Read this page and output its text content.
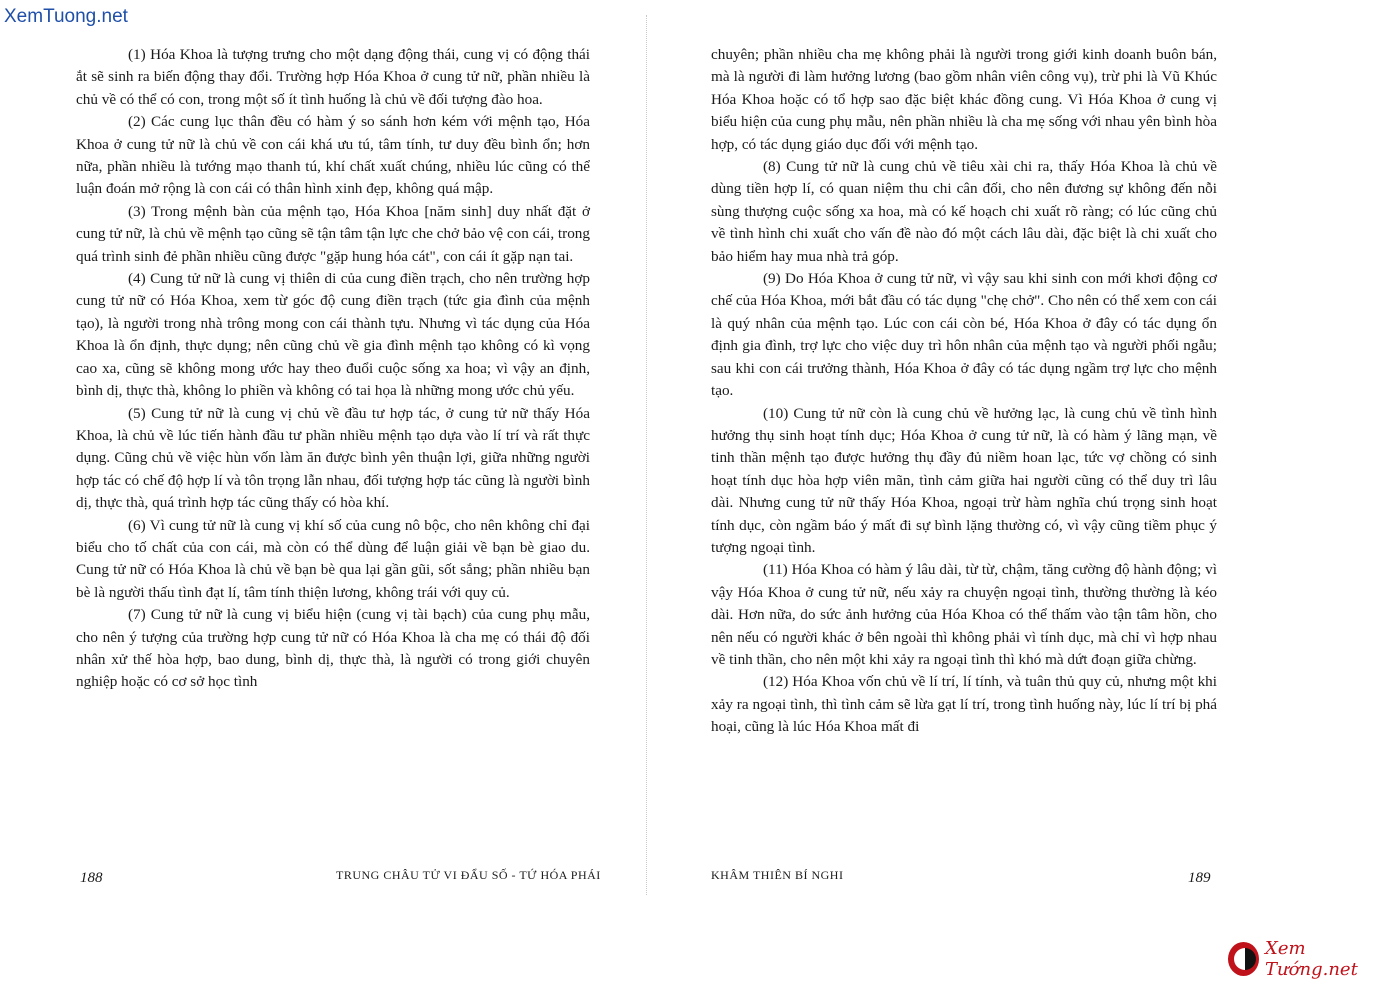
XemTuong.net

(1) Hóa Khoa là tượng trưng cho một dạng động thái, cung vị có động thái ắt sẽ sinh ra biến động thay đổi. Trường hợp Hóa Khoa ở cung tử nữ, phần nhiều là chủ về có thể có con, trong một số ít tình huống là chủ về đối tượng đào hoa.

(2) Các cung lục thân đều có hàm ý so sánh hơn kém với mệnh tạo, Hóa Khoa ở cung tử nữ là chủ về con cái khá ưu tú, tâm tính, tư duy đều bình ổn; hơn nữa, phần nhiều là tướng mạo thanh tú, khí chất xuất chúng, nhiều lúc cũng có thể luận đoán mở rộng là con cái có thân hình xinh đẹp, không quá mập.

(3) Trong mệnh bàn của mệnh tạo, Hóa Khoa [năm sinh] duy nhất đặt ở cung tử nữ, là chủ về mệnh tạo cũng sẽ tận tâm tận lực che chở bảo vệ con cái, trong quá trình sinh đẻ phần nhiều cũng được "gặp hung hóa cát", con cái ít gặp nạn tai.

(4) Cung tử nữ là cung vị thiên di của cung điền trạch, cho nên trường hợp cung tử nữ có Hóa Khoa, xem từ góc độ cung điền trạch (tức gia đình của mệnh tạo), là người trong nhà trông mong con cái thành tựu. Nhưng vì tác dụng của Hóa Khoa là ổn định, thực dụng; nên cũng chủ về gia đình mệnh tạo không có kì vọng cao xa, cũng sẽ không mong ước hay theo đuổi cuộc sống xa hoa; vì vậy an định, bình dị, thực thà, không lo phiền và không có tai họa là những mong ước chủ yếu.

(5) Cung tử nữ là cung vị chủ về đầu tư hợp tác, ở cung tử nữ thấy Hóa Khoa, là chủ về lúc tiến hành đầu tư phần nhiều mệnh tạo dựa vào lí trí và rất thực dụng. Cũng chủ về việc hùn vốn làm ăn được bình yên thuận lợi, giữa những người hợp tác có chế độ hợp lí và tôn trọng lẫn nhau, đối tượng hợp tác cũng là người bình dị, thực thà, quá trình hợp tác cũng thấy có hòa khí.

(6) Vì cung tử nữ là cung vị khí số của cung nô bộc, cho nên không chỉ đại biểu cho tố chất của con cái, mà còn có thể dùng để luận giải về bạn bè giao du. Cung tử nữ có Hóa Khoa là chủ về bạn bè qua lại gần gũi, sốt sắng; phần nhiều bạn bè là người thấu tình đạt lí, tâm tính thiện lương, không trái với quy củ.

(7) Cung tử nữ là cung vị biểu hiện (cung vị tài bạch) của cung phụ mẫu, cho nên ý tượng của trường hợp cung tử nữ có Hóa Khoa là cha mẹ có thái độ đối nhân xử thế hòa hợp, bao dung, bình dị, thực thà, là người có trong giới chuyên nghiệp hoặc có cơ sở học tình

chuyên; phần nhiều cha mẹ không phải là người trong giới kinh doanh buôn bán, mà là người đi làm hưởng lương (bao gồm nhân viên công vụ), trừ phi là Vũ Khúc Hóa Khoa hoặc có tổ hợp sao đặc biệt khác đồng cung. Vì Hóa Khoa ở cung vị biểu hiện của cung phụ mẫu, nên phần nhiều là cha mẹ sống với nhau yên bình hòa hợp, có tác dụng giáo dục đối với mệnh tạo.

(8) Cung tử nữ là cung chủ về tiêu xài chi ra, thấy Hóa Khoa là chủ về dùng tiền hợp lí, có quan niệm thu chi cân đối, cho nên đương sự không đến nỗi sùng thượng cuộc sống xa hoa, mà có kế hoạch chi xuất rõ ràng; có lúc cũng chủ về tình hình chi xuất cho vấn đề nào đó một cách lâu dài, đặc biệt là chi xuất cho bảo hiểm hay mua nhà trả góp.

(9) Do Hóa Khoa ở cung tử nữ, vì vậy sau khi sinh con mới khơi động cơ chế của Hóa Khoa, mới bắt đầu có tác dụng "chẹ chở". Cho nên có thể xem con cái là quý nhân của mệnh tạo. Lúc con cái còn bé, Hóa Khoa ở đây có tác dụng ổn định gia đình, trợ lực cho việc duy trì hôn nhân của mệnh tạo và người phối ngẫu; sau khi con cái trưởng thành, Hóa Khoa ở đây có tác dụng ngầm trợ lực cho mệnh tạo.

(10) Cung tử nữ còn là cung chủ về hưởng lạc, là cung chủ về tình hình hưởng thụ sinh hoạt tính dục; Hóa Khoa ở cung tử nữ, là có hàm ý lãng mạn, về tinh thần mệnh tạo được hưởng thụ đầy đủ niềm hoan lạc, tức vợ chồng có sinh hoạt tính dục hòa hợp viên mãn, tình cảm giữa hai người cũng có thể duy trì lâu dài. Nhưng cung tử nữ thấy Hóa Khoa, ngoại trừ hàm nghĩa chú trọng sinh hoạt tính dục, còn ngầm báo ý mất đi sự bình lặng thường có, vì vậy cũng tiềm phục ý tượng ngoại tình.

(11) Hóa Khoa có hàm ý lâu dài, từ từ, chậm, tăng cường độ hành động; vì vậy Hóa Khoa ở cung tử nữ, nếu xảy ra chuyện ngoại tình, thường thường là kéo dài. Hơn nữa, do sức ảnh hưởng của Hóa Khoa có thể thấm vào tận tâm hồn, cho nên nếu có người khác ở bên ngoài thì không phải vì tính dục, mà chỉ vì hợp nhau về tinh thần, cho nên một khi xảy ra ngoại tình thì khó mà dứt đoạn giữa chừng.

(12) Hóa Khoa vốn chủ về lí trí, lí tính, và tuân thủ quy củ, nhưng một khi xảy ra ngoại tình, thì tình cảm sẽ lừa gạt lí trí, trong tình huống này, lúc lí trí bị phá hoại, cũng là lúc Hóa Khoa mất đi

188	TRUNG CHÂU TỬ VI ĐẨU SỐ - TỨ HÓA PHÁI	KHÂM THIÊN BÍ NGHI	189
Xem Tướng.net
